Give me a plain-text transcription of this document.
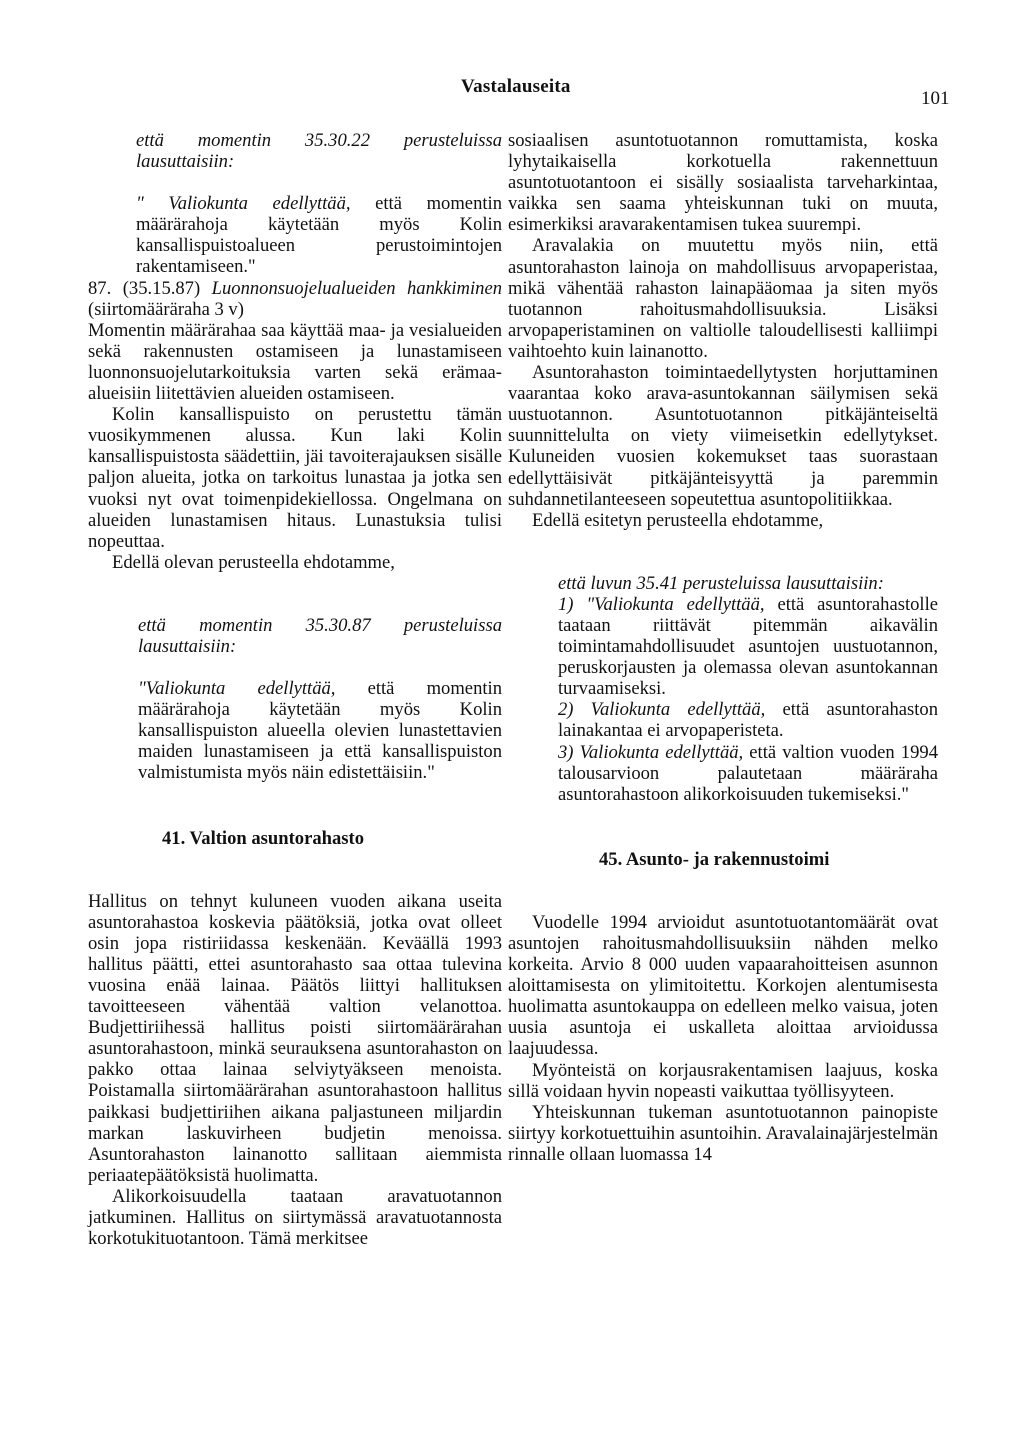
Vastalauseita
101

että momentin 35.30.22 perusteluissa lausuttaisiin:

" Valiokunta edellyttää, että momentin määrärahoja käytetään myös Kolin kansallispuistoalueen perustoimintojen rakentamiseen."

87. (35.15.87) Luonnonsuojelualueiden hankkiminen (siirtomääräraha 3 v)

Momentin määrärahaa saa käyttää maa- ja vesialueiden sekä rakennusten ostamiseen ja lunastamiseen luonnonsuojelutarkoituksia varten sekä erämaa-alueisiin liitettävien alueiden ostamiseen.

Kolin kansallispuisto on perustettu tämän vuosikymmenen alussa. Kun laki Kolin kansallispuistosta säädettiin, jäi tavoiterajauksen sisälle paljon alueita, jotka on tarkoitus lunastaa ja jotka sen vuoksi nyt ovat toimenpidekiellossa. Ongelmana on alueiden lunastamisen hitaus. Lunastuksia tulisi nopeuttaa.

Edellä olevan perusteella ehdotamme,

että momentin 35.30.87 perusteluissa lausuttaisiin:

"Valiokunta edellyttää, että momentin määrärahoja käytetään myös Kolin kansallispuiston alueella olevien lunastettavien maiden lunastamiseen ja että kansallispuiston valmistumista myös näin edistettäisiin."

41. Valtion asuntorahasto

Hallitus on tehnyt kuluneen vuoden aikana useita asuntorahastoa koskevia päätöksiä, jotka ovat olleet osin jopa ristiriidassa keskenään. Keväällä 1993 hallitus päätti, ettei asuntorahasto saa ottaa tulevina vuosina enää lainaa. Päätös liittyi hallituksen tavoitteeseen vähentää valtion velanottoa. Budjettiriihessä hallitus poisti siirtomäärärahan asuntorahastoon, minkä seurauksena asuntorahaston on pakko ottaa lainaa selviytyäkseen menoista. Poistamalla siirtomäärärahan asuntorahastoon hallitus paikkasi budjettiriihen aikana paljastuneen miljardin markan laskuvirheen budjetin menoissa. Asuntorahaston lainanotto sallitaan aiemmista periaatepäätöksistä huolimatta.

Alikorkoisuudella taataan aravatuotannon jatkuminen. Hallitus on siirtymässä aravatuotannosta korkotukituotantoon. Tämä merkitsee

sosiaalisen asuntotuotannon romuttamista, koska lyhytaikaisella korkotuella rakennettuun asuntotuotantoon ei sisälly sosiaalista tarveharkintaa, vaikka sen saama yhteiskunnan tuki on muuta, esimerkiksi aravarakentamisen tukea suurempi.

Aravalakia on muutettu myös niin, että asuntorahaston lainoja on mahdollisuus arvopaperistaa, mikä vähentää rahaston lainapääomaa ja siten myös tuotannon rahoitusmahdollisuuksia. Lisäksi arvopaperistaminen on valtiolle taloudellisesti kalliimpi vaihtoehto kuin lainanotto.

Asuntorahaston toimintaedellytysten horjuttaminen vaarantaa koko arava-asuntokannan säilymisen sekä uustuotannon. Asuntotuotannon pitkäjänteiseltä suunnittelulta on viety viimeisetkin edellytykset. Kuluneiden vuosien kokemukset taas suorastaan edellyttäisivät pitkäjänteisyyttä ja paremmin suhdannetilanteeseen sopeutettua asuntopolitiikkaa.

Edellä esitetyn perusteella ehdotamme,

että luvun 35.41 perusteluissa lausuttaisiin:

1) "Valiokunta edellyttää, että asuntorahastolle taataan riittävät pitemmän aikavälin toimintamahdollisuudet asuntojen uustuotannon, peruskorjausten ja olemassa olevan asuntokannan turvaamiseksi.

2) Valiokunta edellyttää, että asuntorahaston lainakantaa ei arvopaperisteta.

3) Valiokunta edellyttää, että valtion vuoden 1994 talousarvioon palautetaan määräraha asuntorahastoon alikorkoisuuden tukemiseksi."

45. Asunto- ja rakennustoimi

Vuodelle 1994 arvioidut asuntotuotantomäärät ovat asuntojen rahoitusmahdollisuuksiin nähden melko korkeita. Arvio 8 000 uuden vapaarahoitteisen asunnon aloittamisesta on ylimitoitettu. Korkojen alentumisesta huolimatta asuntokauppa on edelleen melko vaisua, joten uusia asuntoja ei uskalleta aloittaa arvioidussa laajuudessa.

Myönteistä on korjausrakentamisen laajuus, koska sillä voidaan hyvin nopeasti vaikuttaa työllisyyteen.

Yhteiskunnan tukeman asuntotuotannon painopiste siirtyy korkotuettuihin asuntoihin. Aravalainajärjestelmän rinnalle ollaan luomassa 14
